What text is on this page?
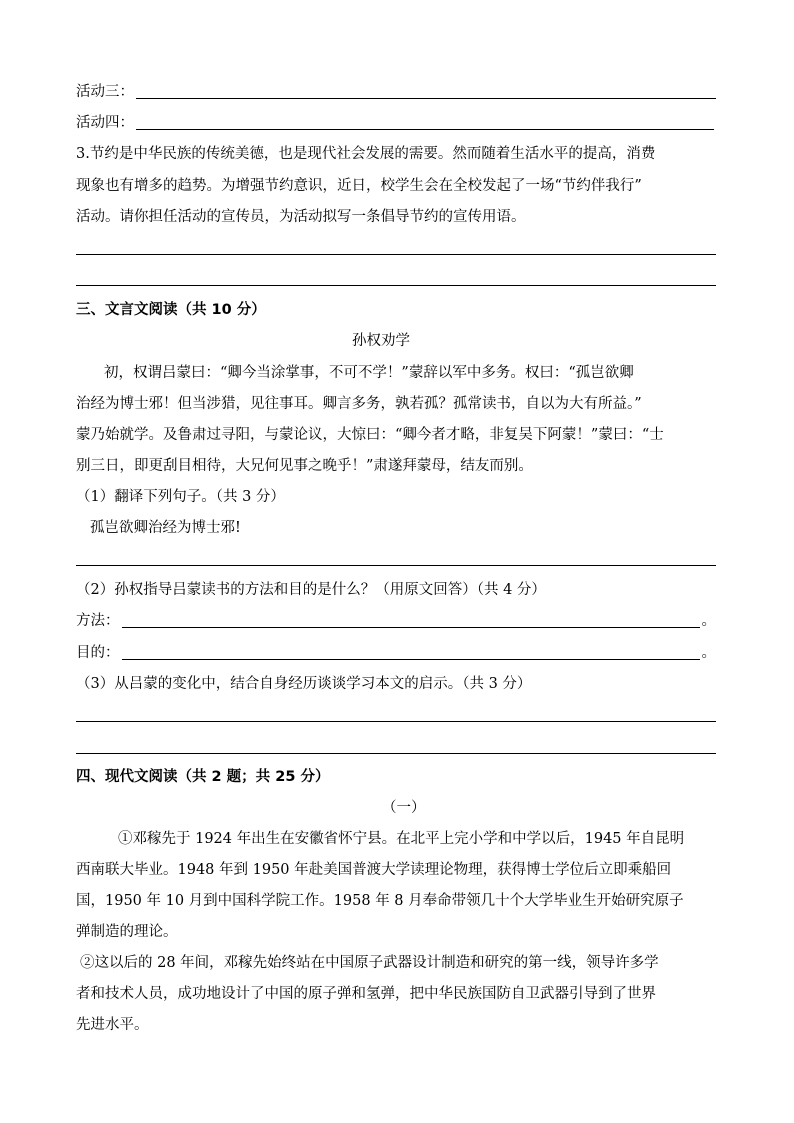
活动三：
活动四：
3.节约是中华民族的传统美德，也是现代社会发展的需要。然而随着生活水平的提高，消费
现象也有增多的趋势。为增强节约意识，近日，校学生会在全校发起了一场“节约伴我行”
活动。请你担任活动的宣传员，为活动拟写一条倡导节约的宣传用语。
三、文言文阅读（共 10 分）
孙权劝学
初，权谓吕蒙曰：“卿今当涂掌事，不可不学！”蒙辞以军中多务。权曰：“孤岂欲卿
治经为博士邪！但当涉猎，见往事耳。卿言多务，孰若孤？孤常读书，自以为大有所益。”
蒙乃始就学。及鲁肃过寻阳，与蒙论议，大惊曰：“卿今者才略，非复吴下阿蒙！”蒙曰：“士
别三日，即更刮目相待，大兄何见事之晚乎！”肃遂拜蒙母，结友而别。
（1）翻译下列句子。（共 3 分）
孤岂欲卿治经为博士邪!
（2）孙权指导吕蒙读书的方法和目的是什么？（用原文回答）（共 4 分）
方法：	。
目的：	。
（3）从吕蒙的变化中，结合自身经历谈谈学习本文的启示。（共 3 分）
四、现代文阅读（共 2 题；共 25 分）
（一）
①邓稼先于 1924 年出生在安徽省怀宁县。在北平上完小学和中学以后，1945 年自昆明
西南联大毕业。1948 年到 1950 年赴美国普渡大学读理论物理，获得博士学位后立即乘船回
国，1950 年 10 月到中国科学院工作。1958 年 8 月奉命带领几十个大学毕业生开始研究原子
弹制造的理论。
②这以后的 28 年间，邓稼先始终站在中国原子武器设计制造和研究的第一线，领导许多学
者和技术人员，成功地设计了中国的原子弹和氢弹，把中华民族国防自卫武器引导到了世界
先进水平。
